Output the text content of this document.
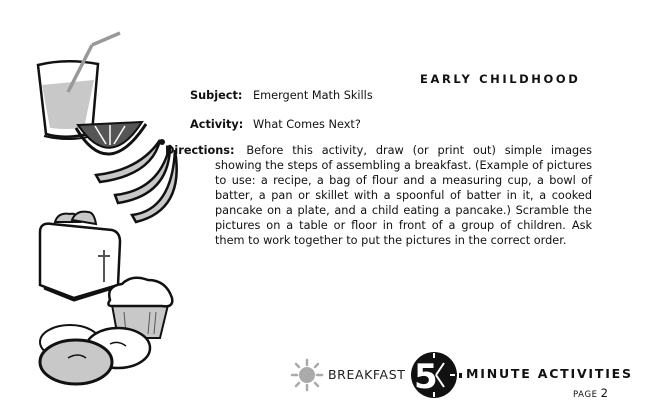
EARLY CHILDHOOD
Subject: Emergent Math Skills
Activity: What Comes Next?
Directions: Before this activity, draw (or print out) simple images showing the steps of assembling a breakfast. (Example of pictures to use: a recipe, a bag of flour and a measuring cup, a bowl of batter, a pan or skillet with a spoonful of batter in it, a cooked pancake on a plate, and a child eating a pancake.) Scramble the pictures on a table or floor in front of a group of children. Ask them to work together to put the pictures in the correct order.
BREAKFAST 5 MINUTE ACTIVITIES
PAGE 2
